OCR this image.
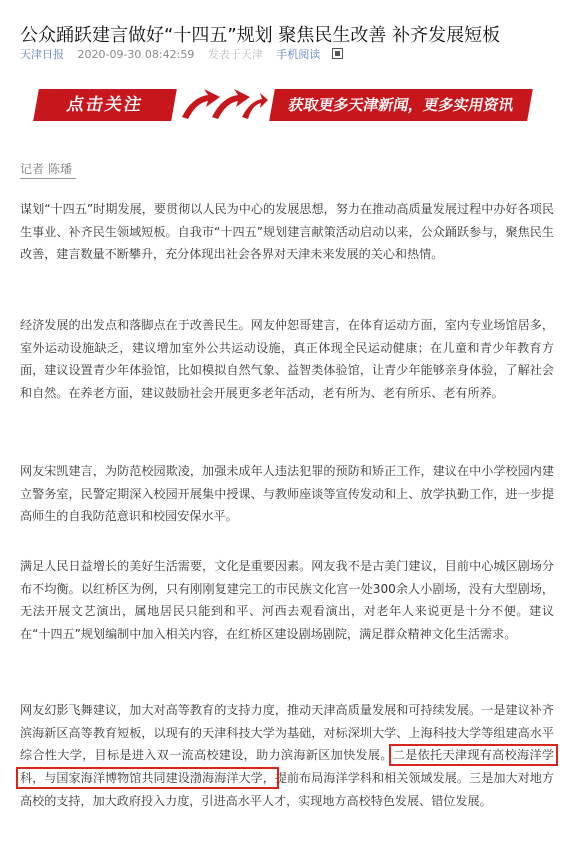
公众踊跃建言做好“十四五”规划 聚焦民生改善 补齐发展短板
天津日报 2020-09-30 08:42:59 发表于天津 手机阅读
点击关注	获取更多天津新闻，更多实用资讯
记者 陈璠

谋划“十四五”时期发展，要贯彻以人民为中心的发展思想，努力在推动高质量发展过程中办好各项民生事业、补齐民生领域短板。自我市“十四五”规划建言献策活动启动以来，公众踊跃参与，聚焦民生改善，建言数量不断攀升，充分体现出社会各界对天津未来发展的关心和热情。

经济发展的出发点和落脚点在于改善民生。网友仲恕哥建言，在体育运动方面，室内专业场馆居多，室外运动设施缺乏，建议增加室外公共运动设施，真正体现全民运动健康；在儿童和青少年教育方面，建议设置青少年体验馆，比如模拟自然气象、益智类体验馆，让青少年能够亲身体验，了解社会和自然。在养老方面，建议鼓励社会开展更多老年活动，老有所为、老有所乐、老有所养。

网友宋凯建言，为防范校园欺凌，加强未成年人违法犯罪的预防和矫正工作，建议在中小学校园内建立警务室，民警定期深入校园开展集中授课、与教师座谈等宣传发动和上、放学执勤工作，进一步提高师生的自我防范意识和校园安保水平。

满足人民日益增长的美好生活需要，文化是重要因素。网友我不是古美门建议，目前中心城区剧场分布不均衡。以红桥区为例，只有刚刚复建完工的市民族文化宫一处300余人小剧场，没有大型剧场，无法开展文艺演出，属地居民只能到和平、河西去观看演出，对老年人来说更是十分不便。建议在“十四五”规划编制中加入相关内容，在红桥区建设剧场剧院，满足群众精神文化生活需求。

网友幻影飞舞建议，加大对高等教育的支持力度，推动天津高质量发展和可持续发展。一是建议补齐滨海新区高等教育短板，以现有的天津科技大学为基础，对标深圳大学、上海科技大学等组建高水平综合性大学，目标是进入双一流高校建设，助力滨海新区加快发展。二是依托天津现有高校海洋学科，与国家海洋博物馆共同建设渤海海洋大学，提前布局海洋学科和相关领域发展。三是加大对地方高校的支持，加大政府投入力度，引进高水平人才，实现地方高校特色发展、错位发展。
